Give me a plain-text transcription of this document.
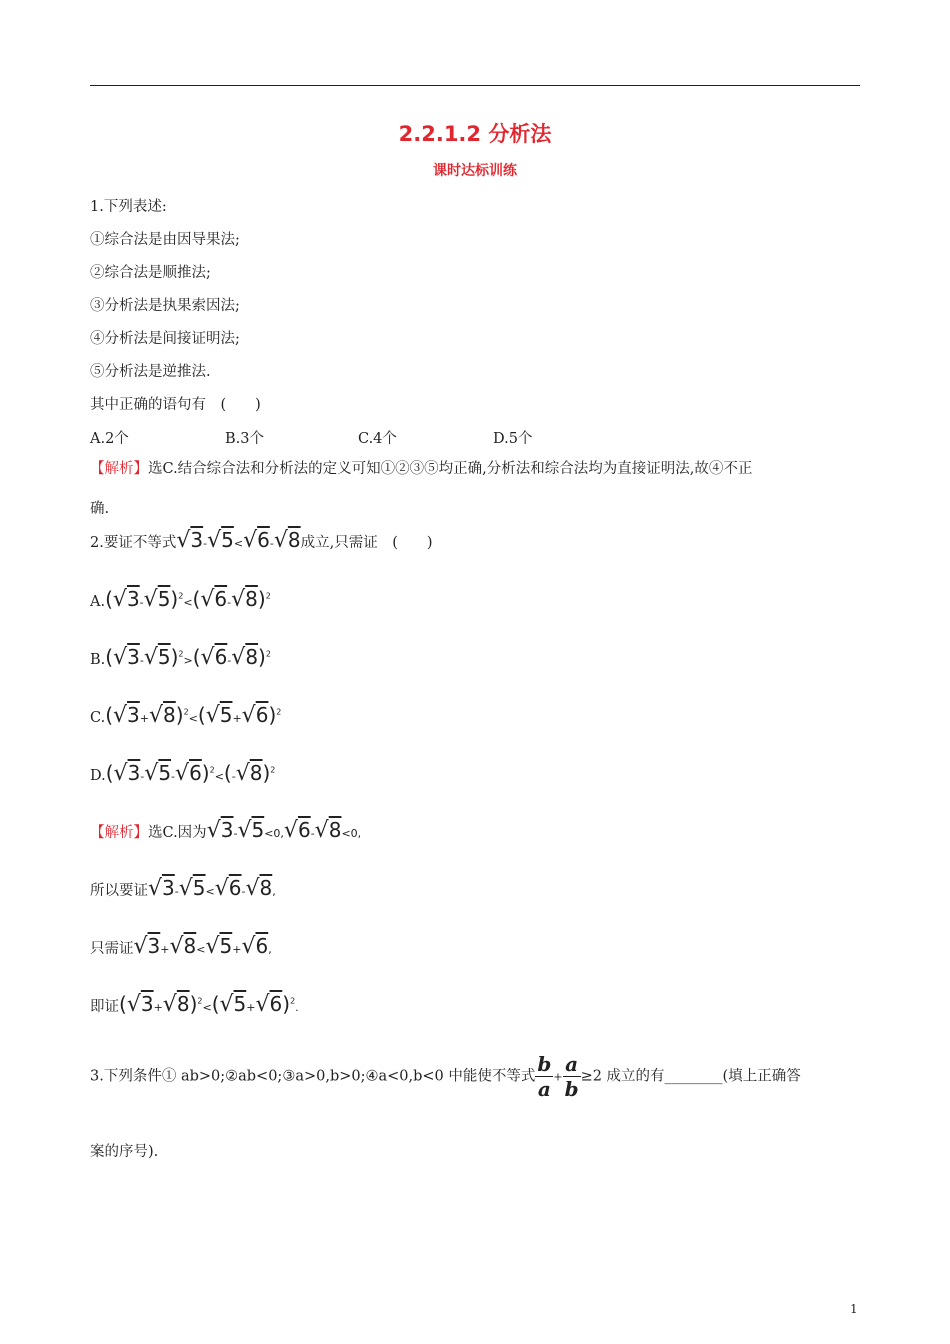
2.2.1.2 分析法
课时达标训练
1.下列表述:
①综合法是由因导果法;
②综合法是顺推法;
③分析法是执果索因法;
④分析法是间接证明法;
⑤分析法是逆推法.
其中正确的语句有　(　　)
A.2个	B.3个	C.4个	D.5个
【解析】选C.结合综合法和分析法的定义可知①②③⑤均正确,分析法和综合法均为直接证明法,故④不正
确.
2.要证不等式√3-√5<√6-√8成立,只需证　(　　)
$A.(√3-√5)^2<(√6-√8)^2$
$B.(√3-√5)^2>(√6-√8)^2$
$C.(√3+√8)^2<(√5+√6)^2$
$D.(√3-√5-√6)^2<(-√8)^2$
【解析】选C.因为√3-√5<0,√6-√8<0,
所以要证√3-√5<√6-√8,
只需证√3+√8<√5+√6,
即证$(√3+√8)^2<(√5+√6)^2$.
3.下列条件① ab>0;②ab<0;③a>0,b>0;④a<0,b<0 中能使不等式 $\frac{b}{a} + \frac{a}{b} \ge 2$ 成立的有________(填上正确答
案的序号).
1
